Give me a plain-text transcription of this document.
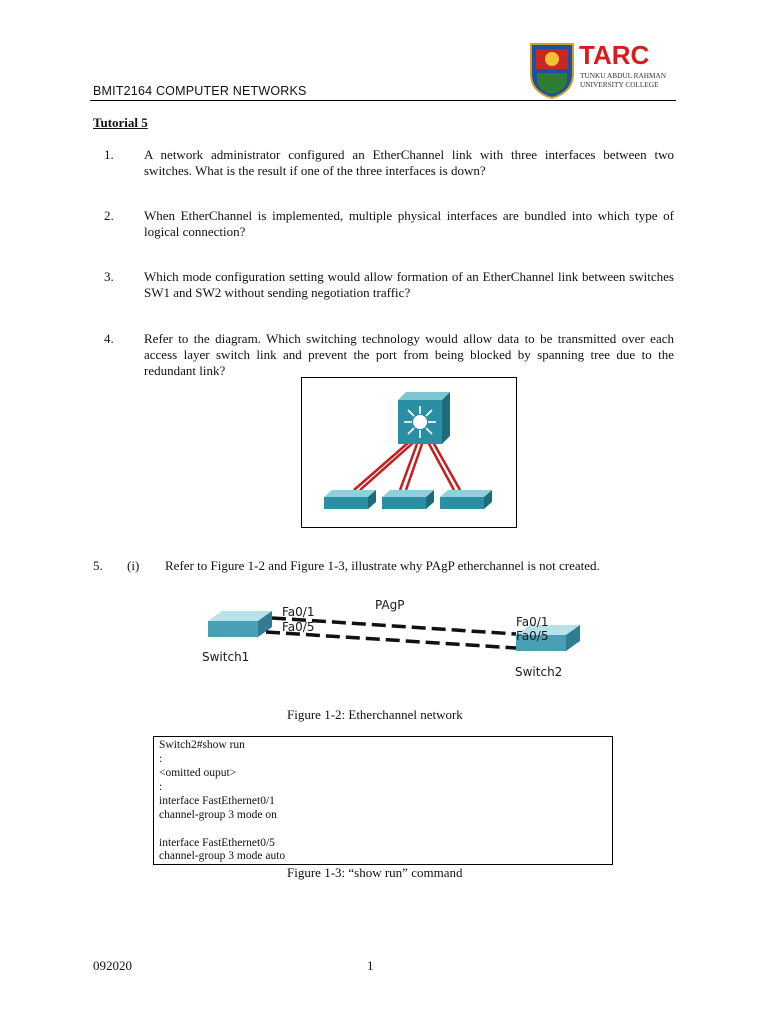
BMIT2164 COMPUTER NETWORKS
TARC
TUNKU ABDUL RAHMAN
UNIVERSITY COLLEGE
Tutorial 5
1. A network administrator configured an EtherChannel link with three interfaces between two switches. What is the result if one of the three interfaces is down?
2. When EtherChannel is implemented, multiple physical interfaces are bundled into which type of logical connection?
3. Which mode configuration setting would allow formation of an EtherChannel link between switches SW1 and SW2 without sending negotiation traffic?
4. Refer to the diagram. Which switching technology would allow data to be transmitted over each access layer switch link and prevent the port from being blocked by spanning tree due to the redundant link?
5. (i) Refer to Figure 1-2 and Figure 1-3, illustrate why PAgP etherchannel is not created.
PAgP
Fa0/1
Fa0/5	Fa0/1
Fa0/5
Switch1
Switch2
Figure 1-2: Etherchannel network
Switch2#show run
:
<omitted ouput>
:
interface FastEthernet0/1
channel-group 3 mode on
interface FastEthernet0/5
channel-group 3 mode auto
Figure 1-3: “show run” command
092020	1
